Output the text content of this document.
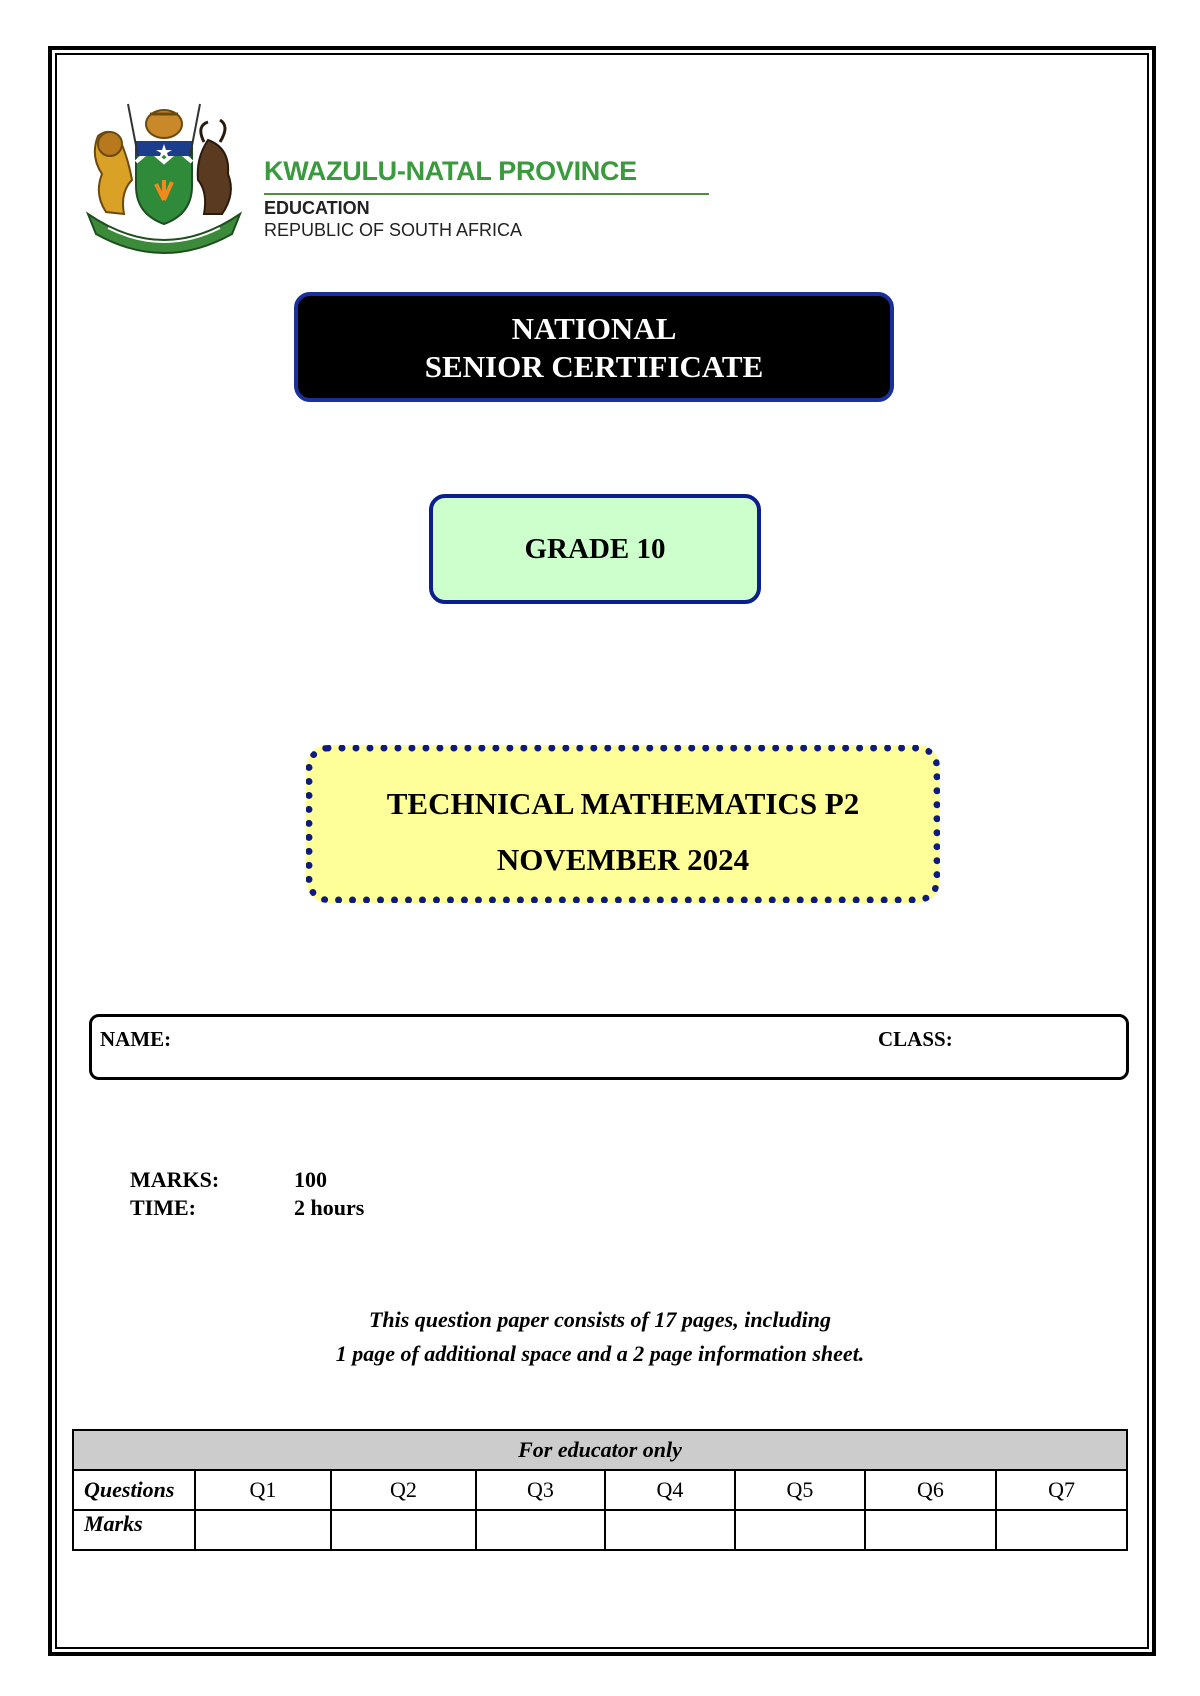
KWAZULU-NATAL PROVINCE
EDUCATION
REPUBLIC OF SOUTH AFRICA
NATIONAL
SENIOR CERTIFICATE
GRADE 10
TECHNICAL MATHEMATICS P2
NOVEMBER 2024
NAME:	CLASS:
MARKS:	100
TIME:	2 hours
This question paper consists of 17 pages, including
1 page of additional space and a 2 page information sheet.
For educator only							
Questions	Q1	Q2	Q3	Q4	Q5	Q6	Q7
Marks							
